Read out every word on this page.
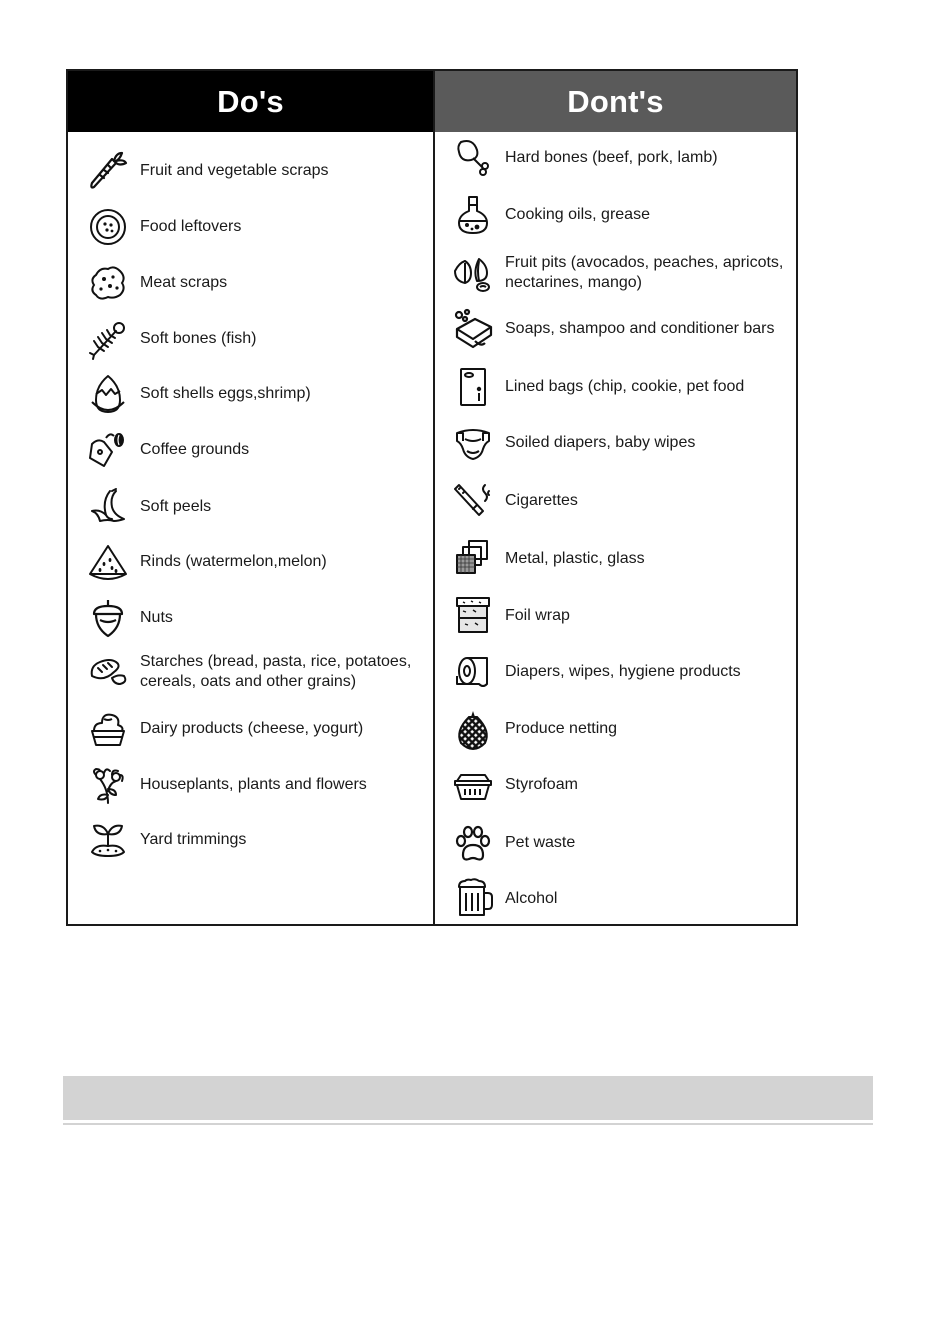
Do's
Fruit and vegetable scraps
Food leftovers
Meat scraps
Soft bones (fish)
Soft shells eggs,shrimp)
Coffee grounds
Soft peels
Rinds (watermelon,melon)
Nuts
Starches (bread, pasta, rice, potatoes,
cereals, oats and other grains)
Dairy products (cheese, yogurt)
Houseplants, plants and flowers
Yard trimmings
Dont's
Hard bones (beef, pork, lamb)
Cooking oils, grease
Fruit pits (avocados, peaches, apricots,
nectarines, mango)
Soaps, shampoo and conditioner bars
Lined bags (chip, cookie, pet food
Soiled diapers, baby wipes
Cigarettes
Metal, plastic, glass
Foil wrap
Diapers, wipes, hygiene products
Produce netting
Styrofoam
Pet waste
Alcohol
